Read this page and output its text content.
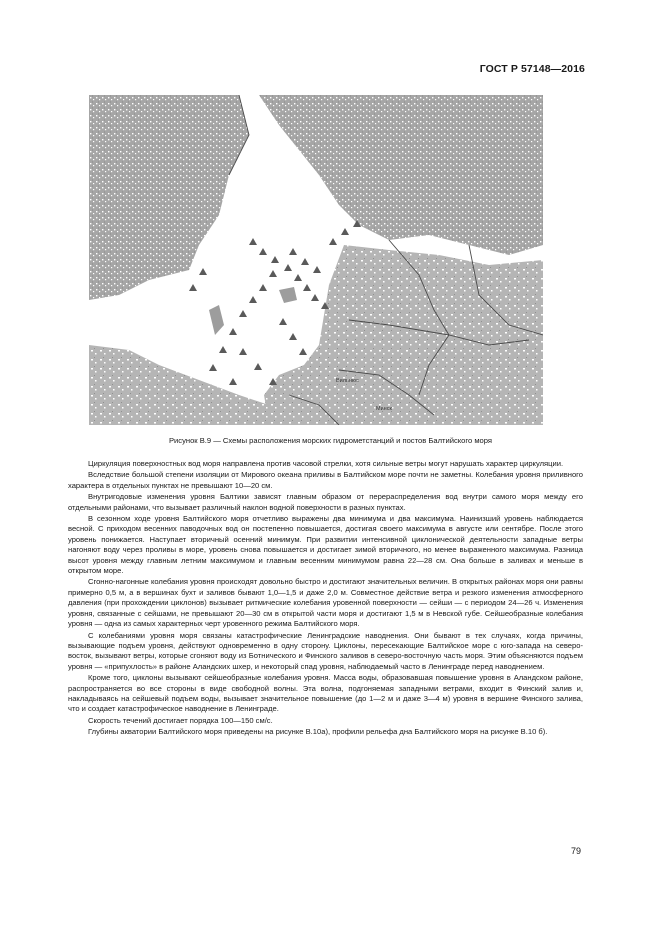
ГОСТ Р 57148—2016
Вильнюс
Минск
Рисунок В.9 — Схемы расположения морских гидрометстанций и постов Балтийского моря

Циркуляция поверхностных вод моря направлена против часовой стрелки, хотя сильные ветры могут нарушать характер циркуляции.

Вследствие большой степени изоляции от Мирового океана приливы в Балтийском море почти не заметны. Колебания уровня приливного характера в отдельных пунктах не превышают 10—20 см.

Внутригодовые изменения уровня Балтики зависят главным образом от перераспределения вод внутри самого моря между его отдельными районами, что вызывает различный наклон водной поверхности в разных пунктах.

В сезонном ходе уровня Балтийского моря отчетливо выражены два минимума и два максимума. Наинизший уровень наблюдается весной. С приходом весенних паводочных вод он постепенно повышается, достигая своего максимума в августе или сентябре. После этого уровень понижается. Наступает вторичный осенний минимум. При развитии интенсивной циклонической деятельности западные ветры нагоняют воду через проливы в море, уровень снова повышается и достигает зимой вторичного, но менее выраженного максимума. Разница высот уровня между главным летним максимумом и главным весенним минимумом равна 22—28 см. Она больше в заливах и меньше в открытом море.

Сгонно-нагонные колебания уровня происходят довольно быстро и достигают значительных величин. В открытых районах моря они равны примерно 0,5 м, а в вершинах бухт и заливов бывают 1,0—1,5 и даже 2,0 м. Совместное действие ветра и резкого изменения атмосферного давления (при прохождении циклонов) вызывает ритмические колебания уровенной поверхности — сейши — с периодом 24—26 ч. Изменения уровня, связанные с сейшами, не превышают 20—30 см в открытой части моря и достигают 1,5 м в Невской губе. Сейшеобразные колебания уровня — одна из самых характерных черт уровенного режима Балтийского моря.

С колебаниями уровня моря связаны катастрофические Ленинградские наводнения. Они бывают в тех случаях, когда причины, вызывающие подъем уровня, действуют одновременно в одну сторону. Циклоны, пересекающие Балтийское море с юго-запада на северо-восток, вызывают ветры, которые сгоняют воду из Ботнического и Финского заливов в северо-восточную часть моря. Этим объясняются подъем уровня — «припухлость» в районе Аландских шхер, и некоторый спад уровня, наблюдаемый часто в Ленинграде перед наводнением.

Кроме того, циклоны вызывают сейшеобразные колебания уровня. Масса воды, образовавшая повышение уровня в Аландском районе, распространяется во все стороны в виде свободной волны. Эта волна, подгоняемая западными ветрами, входит в Финский залив и, накладываясь на сейшевый подъем воды, вызывает значительное повышение (до 1—2 м и даже 3—4 м) уровня в вершине Финского залива, что и создает катастрофическое наводнение в Ленинграде.

Скорость течений достигает порядка 100—150 см/с.

Глубины акватории Балтийского моря приведены на рисунке В.10а), профили рельефа дна Балтийского моря на рисунке В.10 б).

79
